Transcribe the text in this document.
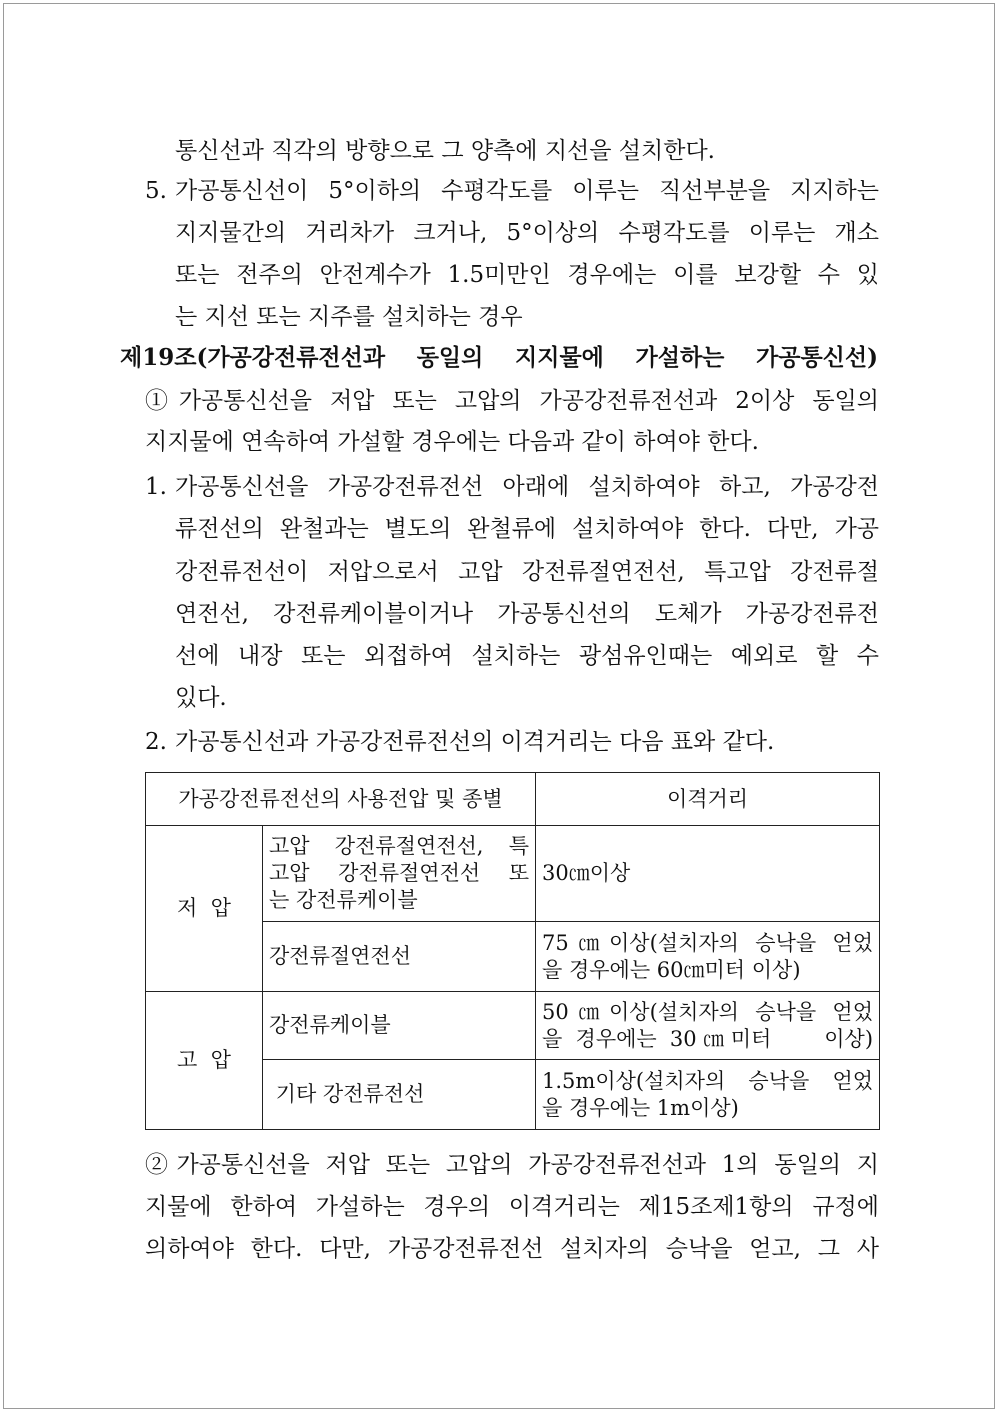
통신선과 직각의 방향으로 그 양측에 지선을 설치한다.
5. 가공통신선이 5°이하의 수평각도를 이루는 직선부분을 지지하는
지지물간의 거리차가 크거나, 5°이상의 수평각도를 이루는 개소
또는 전주의 안전계수가 1.5미만인 경우에는 이를 보강할 수 있
는 지선 또는 지주를 설치하는 경우
제19조(가공강전류전선과 동일의 지지물에 가설하는 가공통신선)
①가공통신선을 저압 또는 고압의 가공강전류전선과 2이상 동일의
지지물에 연속하여 가설할 경우에는 다음과 같이 하여야 한다.
1. 가공통신선을 가공강전류전선 아래에 설치하여야 하고, 가공강전
류전선의 완철과는 별도의 완철류에 설치하여야 한다. 다만, 가공
강전류전선이 저압으로서 고압 강전류절연전선, 특고압 강전류절
연전선, 강전류케이블이거나 가공통신선의 도체가 가공강전류전
선에 내장 또는 외접하여 설치하는 광섬유인때는 예외로 할 수
있다.
2. 가공통신선과 가공강전류전선의 이격거리는 다음 표와 같다.
가공강전류전선의 사용전압 및 종별		이격거리
저  압	고압 강전류절연전선, 특
고압 강전류절연전선 또
는 강전류케이블	30㎝이상

	강전류절연전선	75㎝이상(설치자의 승낙을 얻었
을 경우에는 60㎝미터 이상)

고  압	강전류케이블	50㎝이상(설치자의 승낙을 얻었
을 경우에는 30㎝미터    이상)

	기타 강전류전선	1.5m이상(설치자의 승낙을 얻었
을 경우에는 1m이상)
②가공통신선을 저압 또는 고압의 가공강전류전선과 1의 동일의 지
지물에 한하여 가설하는 경우의 이격거리는 제15조제1항의 규정에
의하여야 한다. 다만, 가공강전류전선 설치자의 승낙을 얻고, 그 사
